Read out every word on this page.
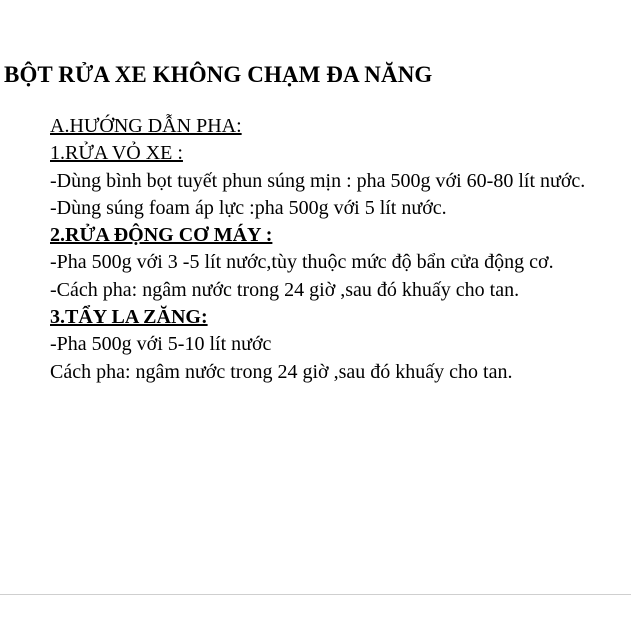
BỘT RỬA XE KHÔNG CHẠM ĐA NĂNG
A.HƯỚNG DẪN PHA:
1.RỬA VỎ XE :
-Dùng bình bọt tuyết phun súng mịn : pha 500g với 60-80 lít nước.
-Dùng súng foam áp lực :pha 500g với 5 lít nước.
2.RỬA ĐỘNG CƠ MÁY :
-Pha 500g với 3 -5 lít nước,tùy thuộc mức độ bẩn cửa động cơ.
-Cách pha: ngâm nước trong 24 giờ ,sau đó khuấy cho tan.
3.TẨY LA ZĂNG:
-Pha 500g với 5-10 lít nước
Cách pha: ngâm nước trong 24 giờ ,sau đó khuấy cho tan.
